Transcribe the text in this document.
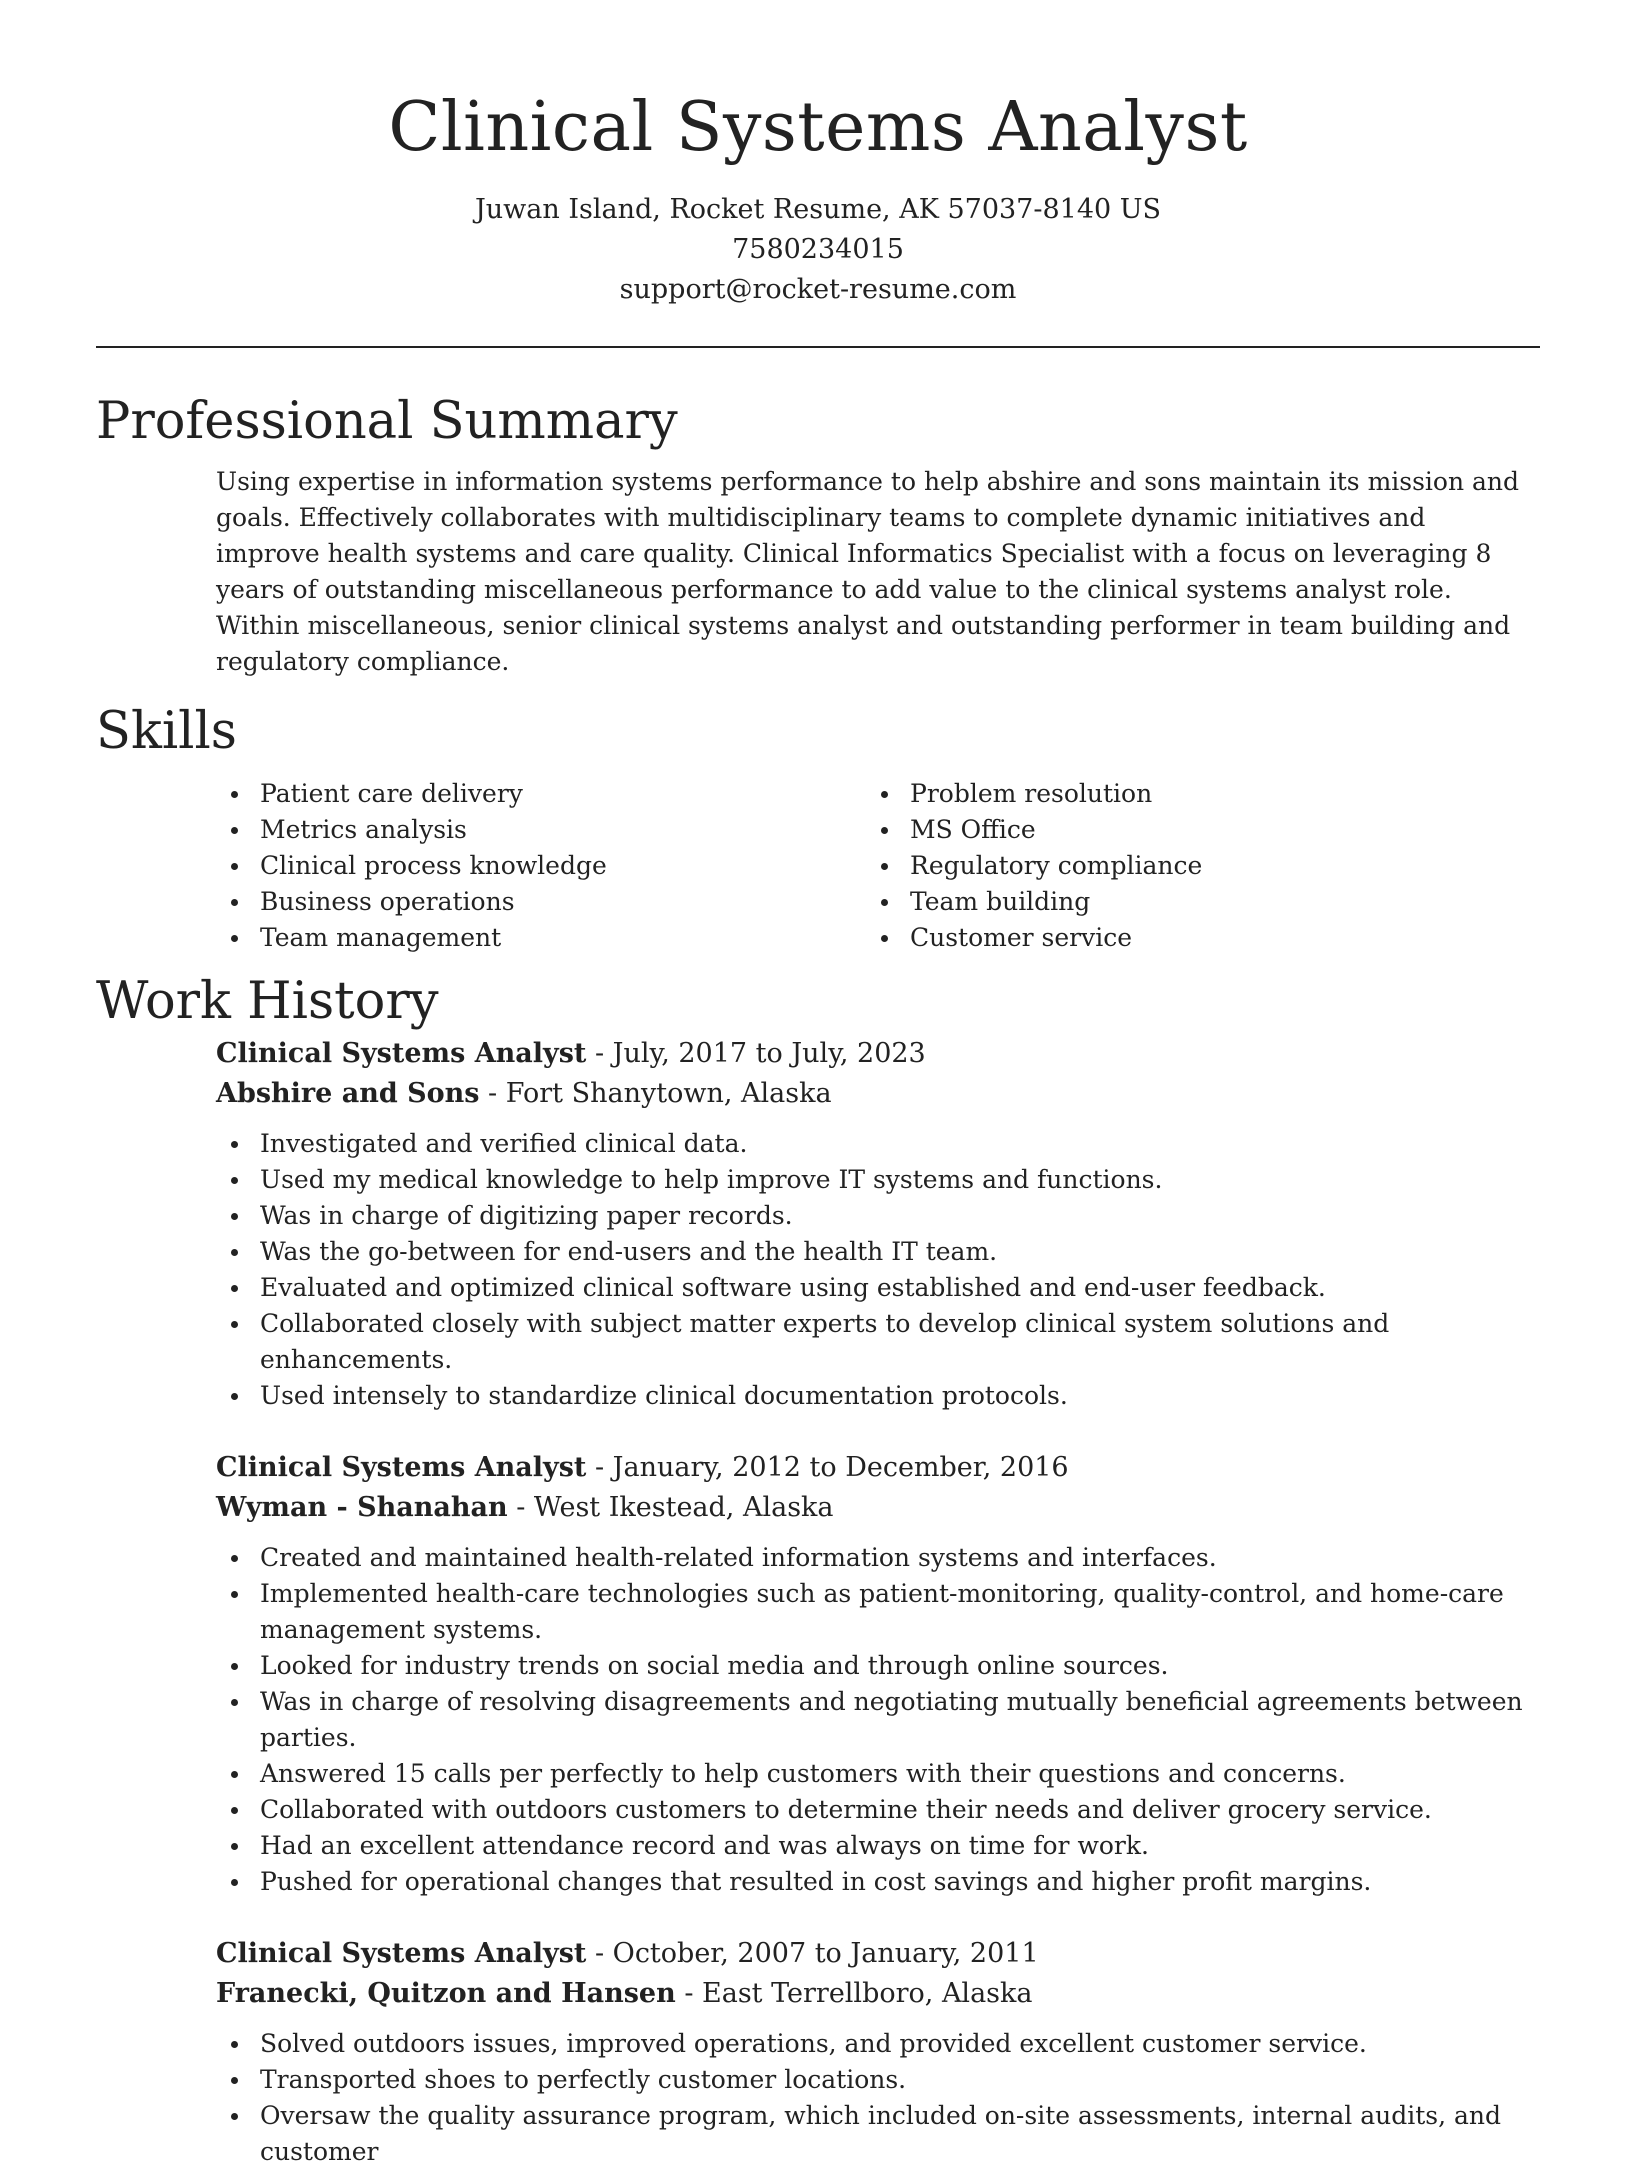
Clinical Systems Analyst

Juwan Island, Rocket Resume, AK 57037-8140 US

7580234015

support@rocket-resume.com

Professional Summary

Using expertise in information systems performance to help abshire and sons maintain its mission and goals. Effectively collaborates with multidisciplinary teams to complete dynamic initiatives and improve health systems and care quality. Clinical Informatics Specialist with a focus on leveraging 8 years of outstanding miscellaneous performance to add value to the clinical systems analyst role. Within miscellaneous, senior clinical systems analyst and outstanding performer in team building and regulatory compliance.

Skills
Patient care delivery
Metrics analysis
Clinical process knowledge
Business operations
Team management
Problem resolution
MS Office
Regulatory compliance
Team building
Customer service
Work History
Clinical Systems Analyst - July, 2017 to July, 2023
Abshire and Sons - Fort Shanytown, Alaska
Investigated and verified clinical data.
Used my medical knowledge to help improve IT systems and functions.
Was in charge of digitizing paper records.
Was the go-between for end-users and the health IT team.
Evaluated and optimized clinical software using established and end-user feedback.
Collaborated closely with subject matter experts to develop clinical system solutions and enhancements.
Used intensely to standardize clinical documentation protocols.
Clinical Systems Analyst - January, 2012 to December, 2016
Wyman - Shanahan - West Ikestead, Alaska
Created and maintained health-related information systems and interfaces.
Implemented health-care technologies such as patient-monitoring, quality-control, and home-care management systems.
Looked for industry trends on social media and through online sources.
Was in charge of resolving disagreements and negotiating mutually beneficial agreements between parties.
Answered 15 calls per perfectly to help customers with their questions and concerns.
Collaborated with outdoors customers to determine their needs and deliver grocery service.
Had an excellent attendance record and was always on time for work.
Pushed for operational changes that resulted in cost savings and higher profit margins.
Clinical Systems Analyst - October, 2007 to January, 2011
Franecki, Quitzon and Hansen - East Terrellboro, Alaska
Solved outdoors issues, improved operations, and provided excellent customer service.
Transported shoes to perfectly customer locations.
Oversaw the quality assurance program, which included on-site assessments, internal audits, and customer
